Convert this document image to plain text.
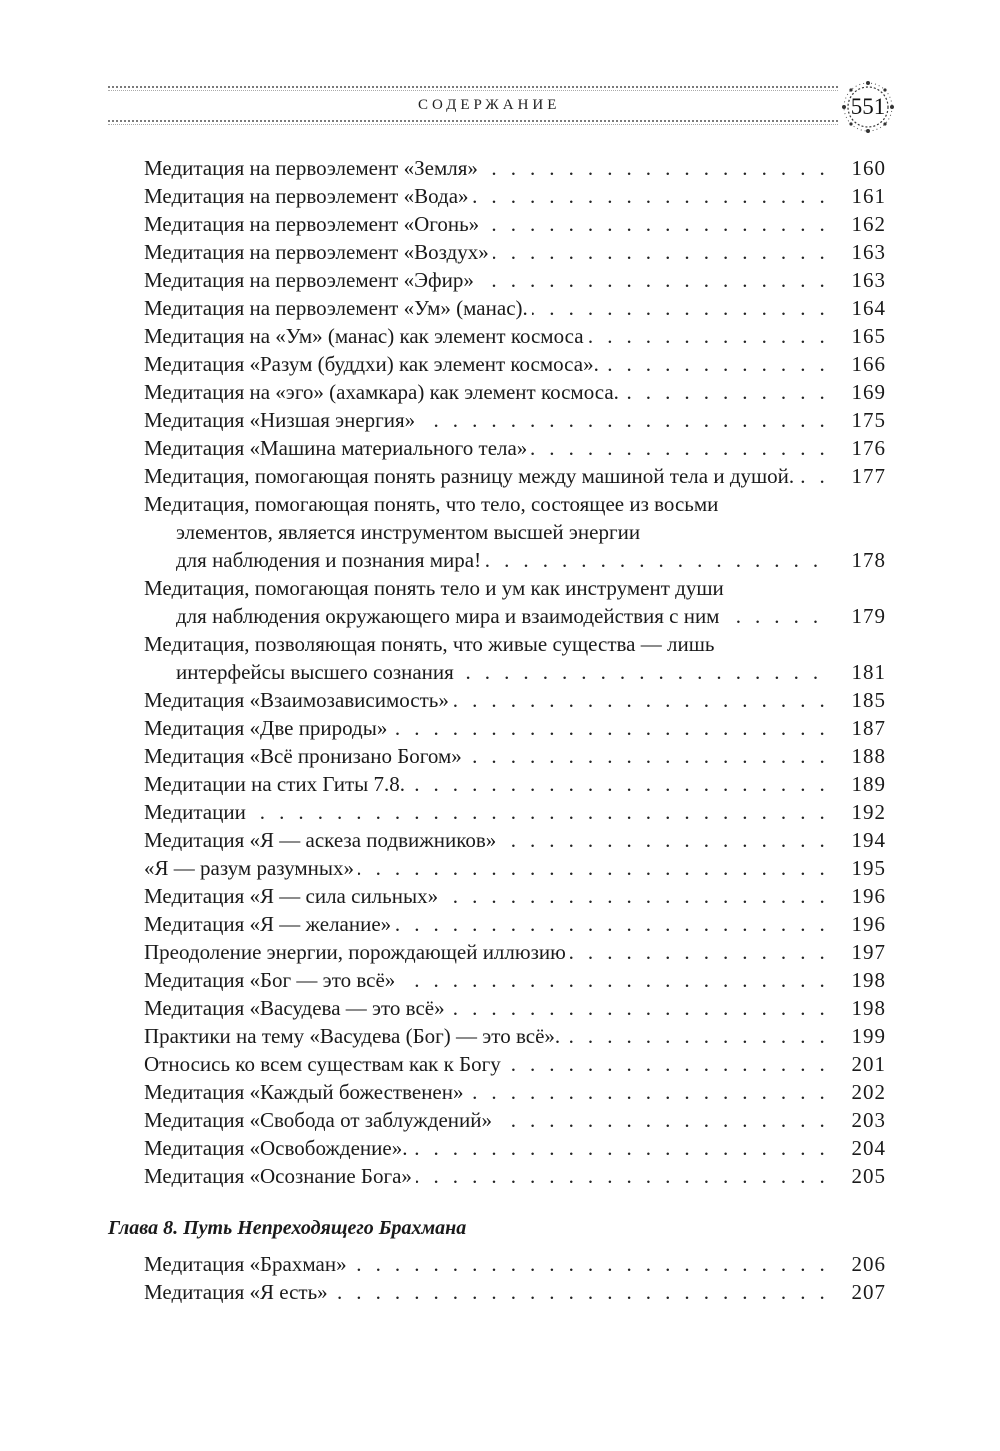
СОДЕРЖАНИЕ	551
Медитация на первоэлемент «Земля» . . .	160
Медитация на первоэлемент «Вода» . . .	161
Медитация на первоэлемент «Огонь» . . .	162
Медитация на первоэлемент «Воздух» . . .	163
Медитация на первоэлемент «Эфир» . . .	163
Медитация на первоэлемент «Ум» (манас). . . .	164
Медитация на «Ум» (манас) как элемент космоса . . .	165
Медитация «Разум (буддхи) как элемент космоса». . . .	166
Медитация на «эго» (ахамкара) как элемент космоса. . . .	169
Медитация «Низшая энергия» . . .	175
Медитация «Машина материального тела» . . .	176
Медитация, помогающая понять разницу между машиной тела и душой. . . .	177
Медитация, помогающая понять, что тело, состоящее из восьми
элементов, является инструментом высшей энергии
для наблюдения и познания мира! . . .	178
Медитация, помогающая понять тело и ум как инструмент души
для наблюдения окружающего мира и взаимодействия с ним . . .	179
Медитация, позволяющая понять, что живые существа — лишь
интерфейсы высшего сознания . . .	181
Медитация «Взаимозависимость» . . .	185
Медитация «Две природы» . . .	187
Медитация «Всё пронизано Богом» . . .	188
Медитации на стих Гиты 7.8. . . .	189
Медитации . . .	192
Медитация «Я — аскеза подвижников» . . .	194
«Я — разум разумных» . . .	195
Медитация «Я — сила сильных» . . .	196
Медитация «Я — желание» . . .	196
Преодоление энергии, порождающей иллюзию . . .	197
Медитация «Бог — это всё» . . .	198
Медитация «Васудева — это всё» . . .	198
Практики на тему «Васудева (Бог) — это всё». . . .	199
Относись ко всем существам как к Богу . . .	201
Медитация «Каждый божественен» . . .	202
Медитация «Свобода от заблуждений» . . .	203
Медитация «Освобождение». . . .	204
Медитация «Осознание Бога» . . .	205
Глава 8. Путь Непреходящего Брахмана
Медитация «Брахман» . . .	206
Медитация «Я есть» . . .	207
